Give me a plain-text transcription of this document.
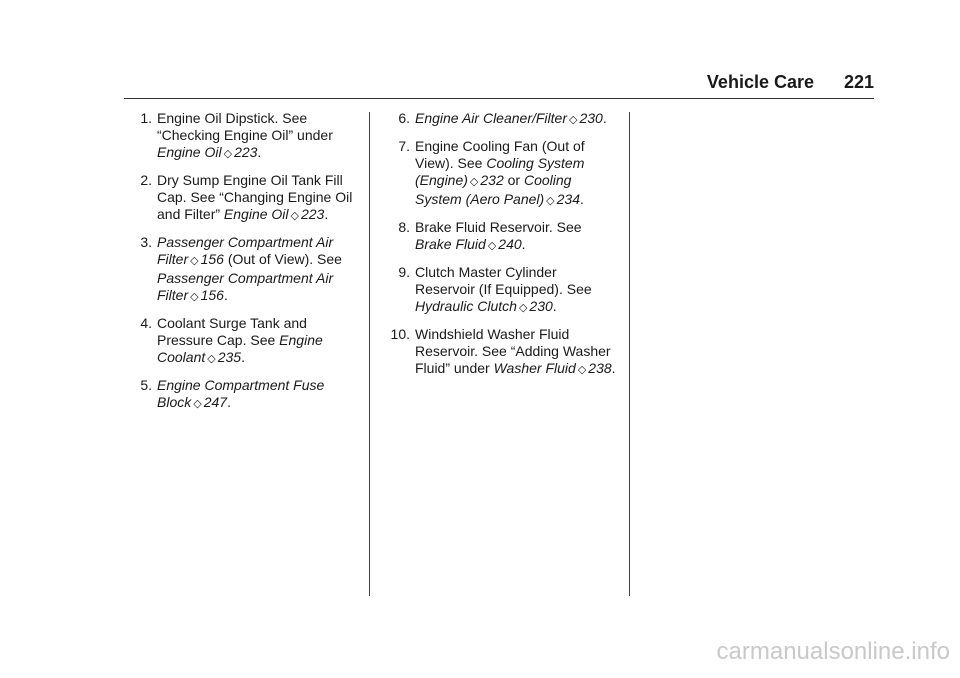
Vehicle Care 221
1. Engine Oil Dipstick. See “Checking Engine Oil” under Engine Oil ◇ 223.
2. Dry Sump Engine Oil Tank Fill Cap. See “Changing Engine Oil and Filter” Engine Oil ◇ 223.
3. Passenger Compartment Air Filter ◇ 156 (Out of View). See Passenger Compartment Air Filter ◇ 156.
4. Coolant Surge Tank and Pressure Cap. See Engine Coolant ◇ 235.
5. Engine Compartment Fuse Block ◇ 247.
6. Engine Air Cleaner/Filter ◇ 230.
7. Engine Cooling Fan (Out of View). See Cooling System (Engine) ◇ 232 or Cooling System (Aero Panel) ◇ 234.
8. Brake Fluid Reservoir. See Brake Fluid ◇ 240.
9. Clutch Master Cylinder Reservoir (If Equipped). See Hydraulic Clutch ◇ 230.
10. Windshield Washer Fluid Reservoir. See “Adding Washer Fluid” under Washer Fluid ◇ 238.
carmanualsonline.info
